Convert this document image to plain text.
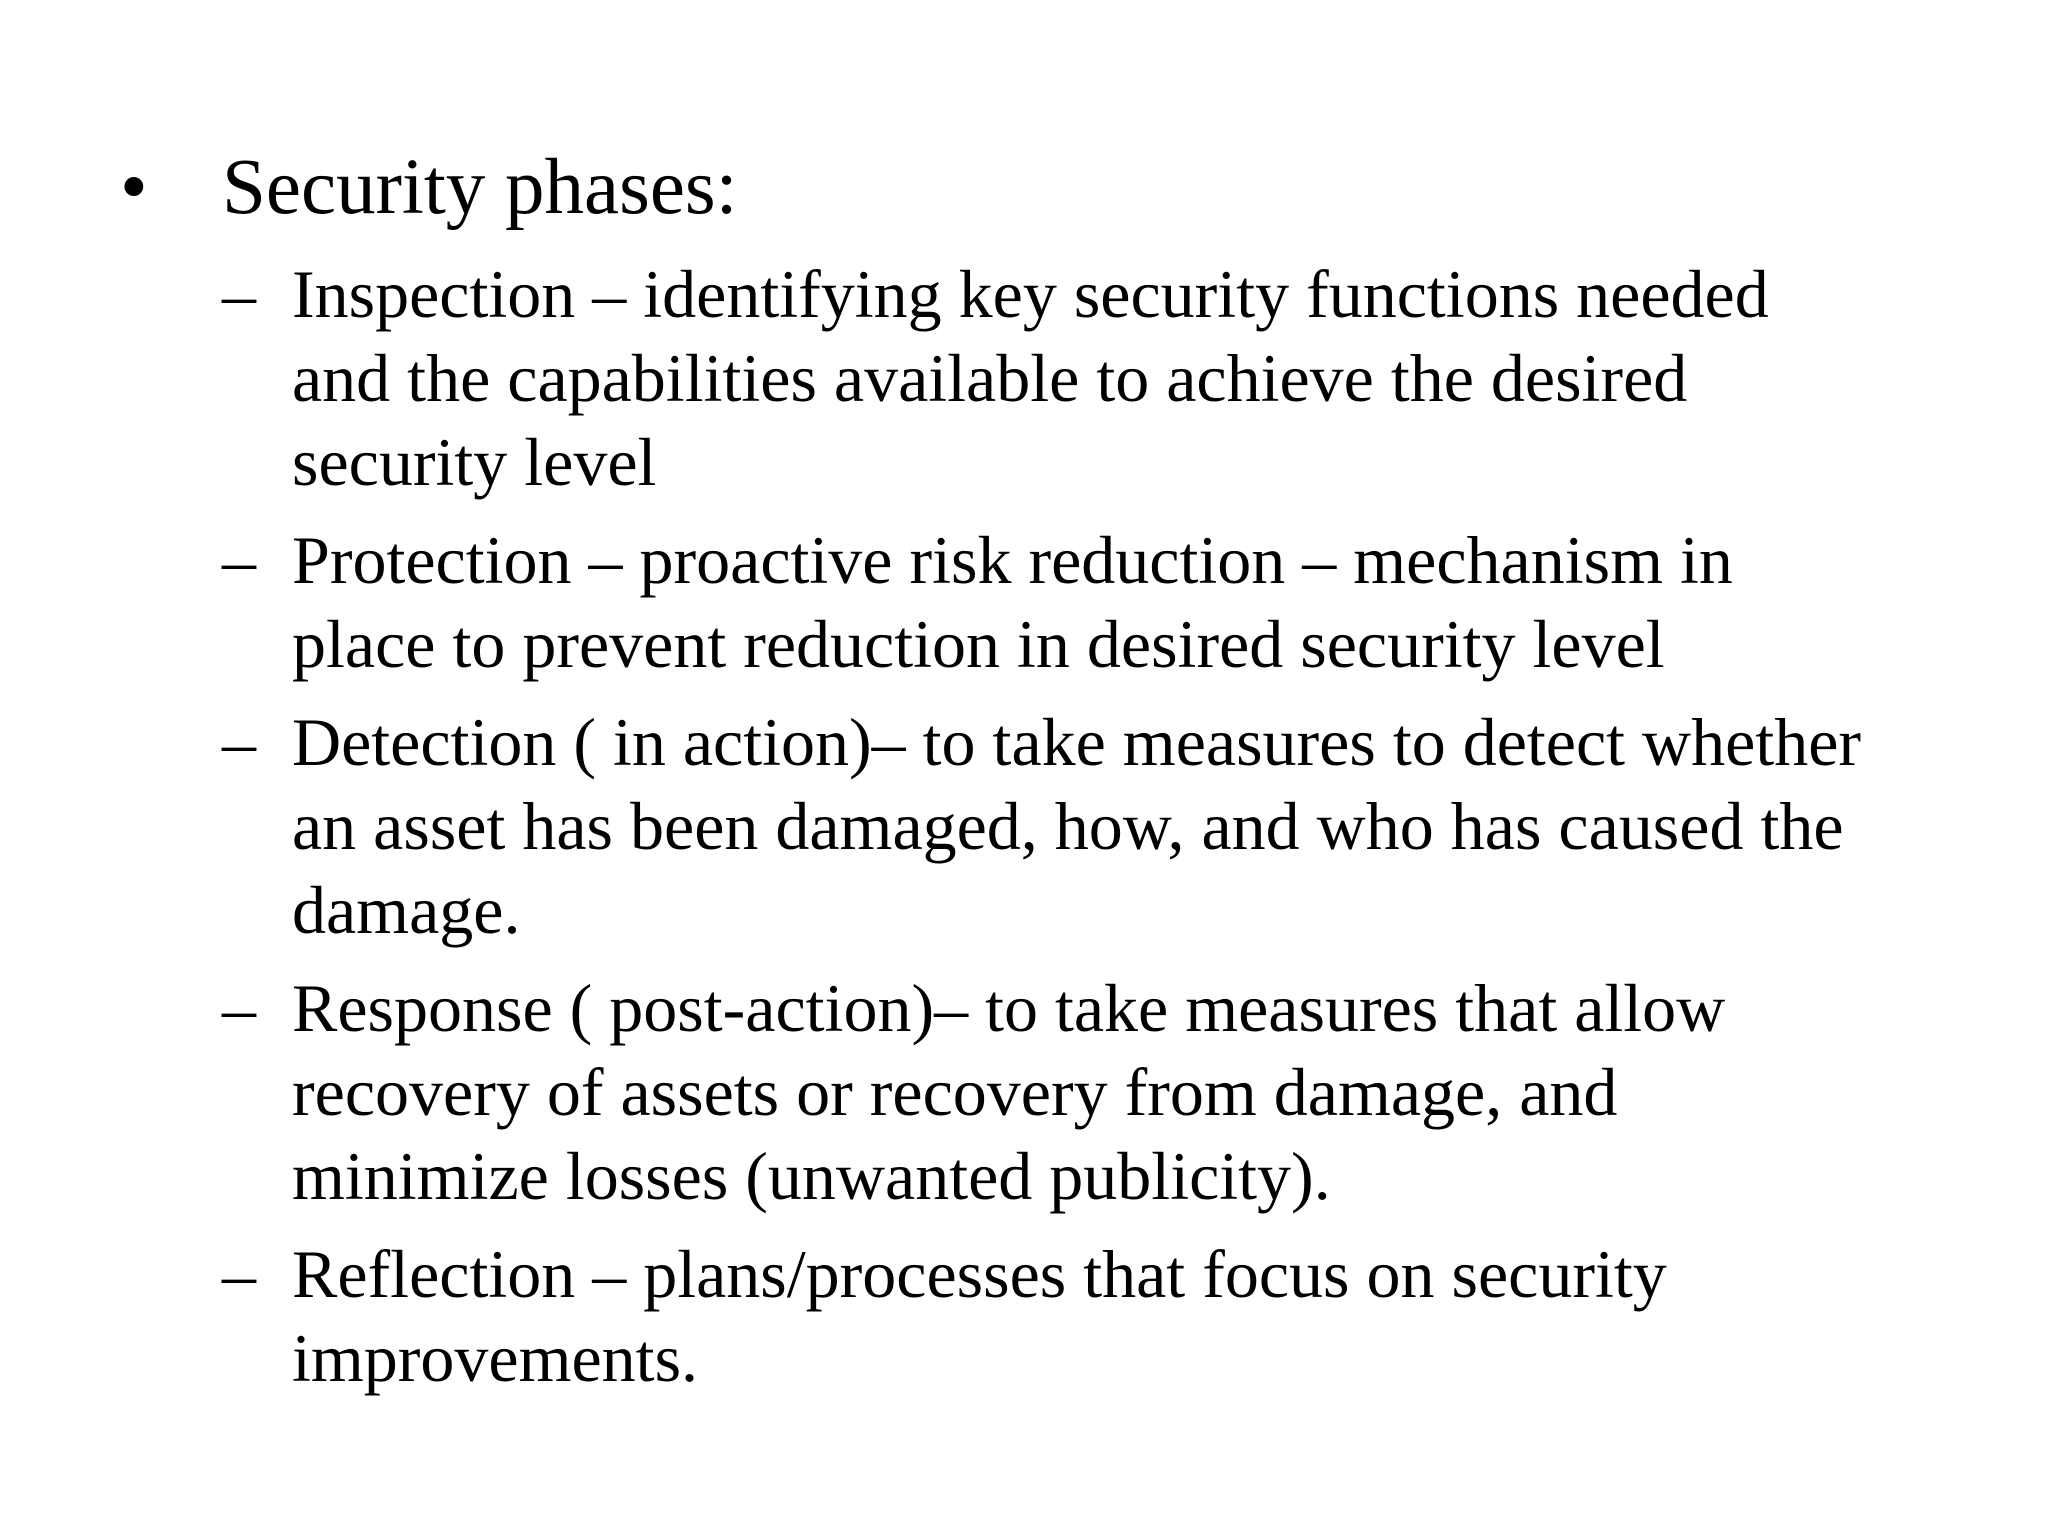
• Security phases:
– Inspection – identifying key security functions needed
and the capabilities available to achieve the desired
security level
– Protection – proactive risk reduction – mechanism in
place to prevent reduction in desired security level
– Detection ( in action)– to take measures to detect whether
an asset has been damaged, how, and who has caused the
damage.
– Response ( post-action)– to take measures that allow
recovery of assets or recovery from damage, and
minimize losses (unwanted publicity).
– Reflection – plans/processes that focus on security
improvements.
